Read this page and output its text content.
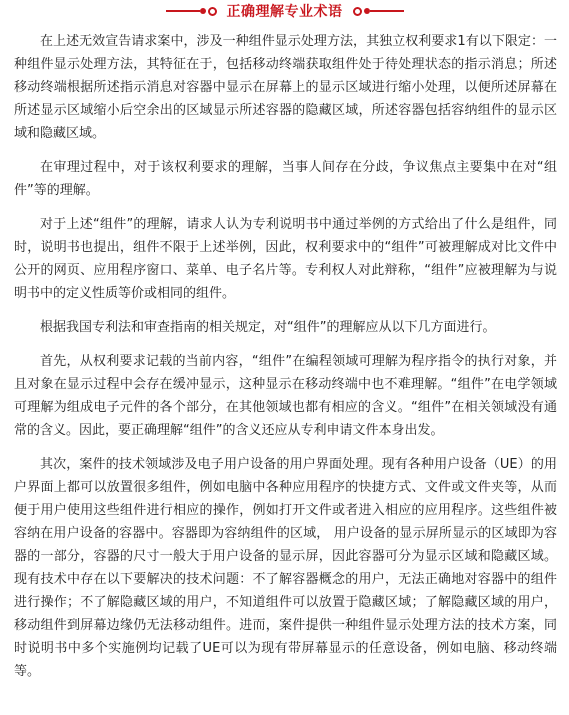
正确理解专业术语

在上述无效宣告请求案中，涉及一种组件显示处理方法，其独立权利要求1有以下限定：一种组件显示处理方法，其特征在于，包括移动终端获取组件处于待处理状态的指示消息；所述移动终端根据所述指示消息对容器中显示在屏幕上的显示区域进行缩小处理，以便所述屏幕在所述显示区域缩小后空余出的区域显示所述容器的隐藏区域，所述容器包括容纳组件的显示区域和隐藏区域。

在审理过程中，对于该权利要求的理解，当事人间存在分歧，争议焦点主要集中在对“组件”等的理解。

对于上述“组件”的理解，请求人认为专利说明书中通过举例的方式给出了什么是组件，同时，说明书也提出，组件不限于上述举例，因此，权利要求中的“组件”可被理解成对比文件中公开的网页、应用程序窗口、菜单、电子名片等。专利权人对此辩称，“组件”应被理解为与说明书中的定义性质等价或相同的组件。

根据我国专利法和审查指南的相关规定，对“组件”的理解应从以下几方面进行。

首先，从权利要求记载的当前内容，“组件”在编程领域可理解为程序指令的执行对象，并且对象在显示过程中会存在缓冲显示，这种显示在移动终端中也不难理解。“组件”在电学领域可理解为组成电子元件的各个部分，在其他领域也都有相应的含义。“组件”在相关领域没有通常的含义。因此，要正确理解“组件”的含义还应从专利申请文件本身出发。

其次，案件的技术领域涉及电子用户设备的用户界面处理。现有各种用户设备（UE）的用户界面上都可以放置很多组件，例如电脑中各种应用程序的快捷方式、文件或文件夹等，从而便于用户使用这些组件进行相应的操作，例如打开文件或者进入相应的应用程序。这些组件被容纳在用户设备的容器中。容器即为容纳组件的区域， 用户设备的显示屏所显示的区域即为容器的一部分，容器的尺寸一般大于用户设备的显示屏，因此容器可分为显示区域和隐藏区域。现有技术中存在以下要解决的技术问题：不了解容器概念的用户，无法正确地对容器中的组件进行操作；不了解隐藏区域的用户，不知道组件可以放置于隐藏区域；了解隐藏区域的用户，移动组件到屏幕边缘仍无法移动组件。进而，案件提供一种组件显示处理方法的技术方案，同时说明书中多个实施例均记载了UE可以为现有带屏幕显示的任意设备，例如电脑、移动终端等。
